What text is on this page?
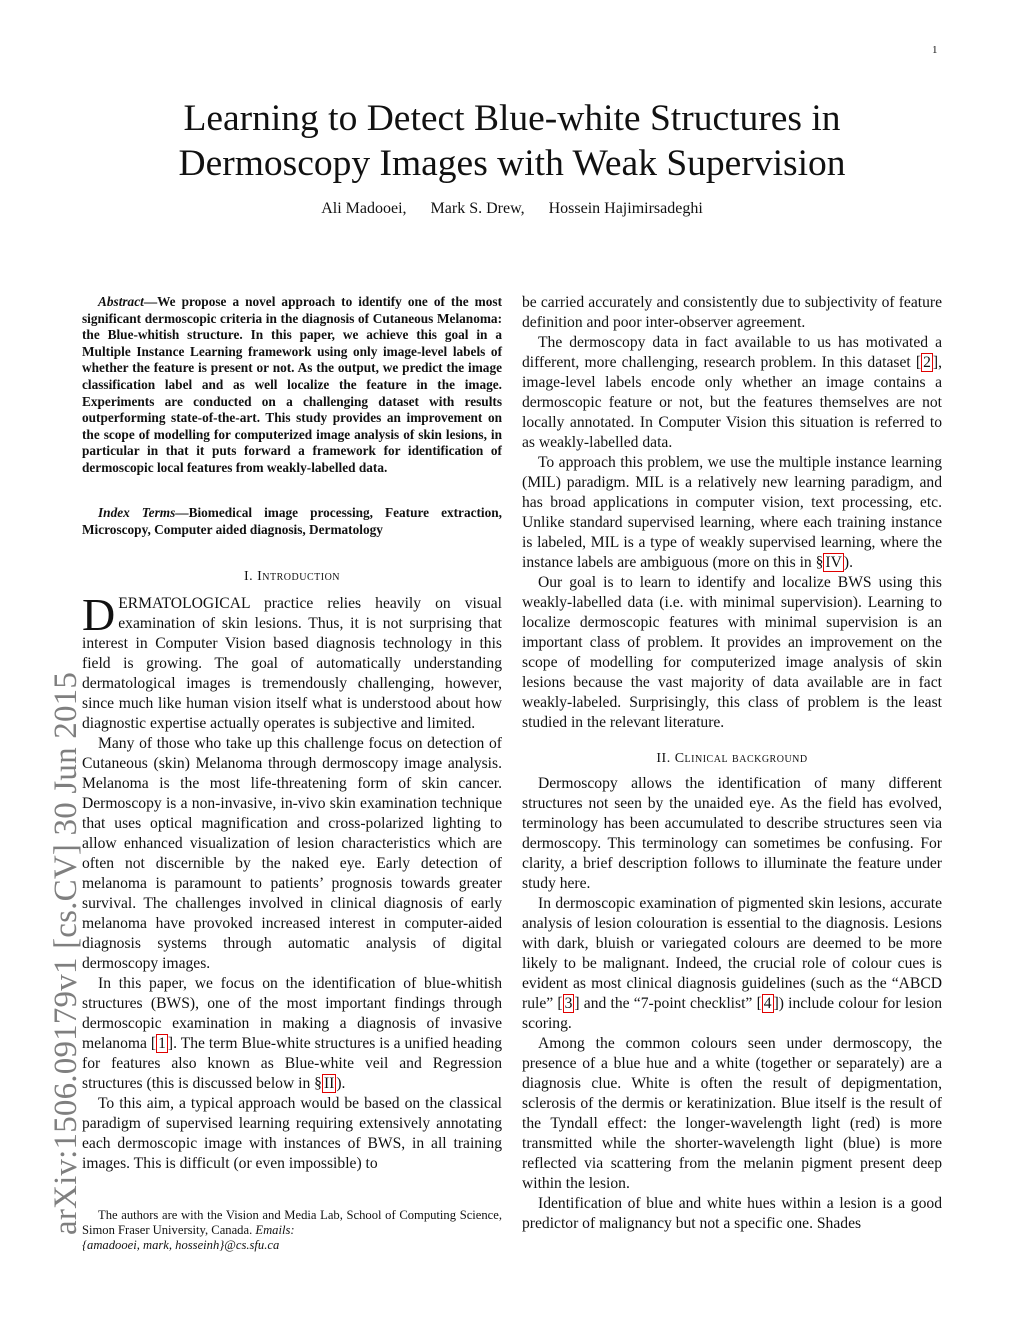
1
arXiv:1506.09179v1 [cs.CV] 30 Jun 2015
Learning to Detect Blue-white Structures in
Dermoscopy Images with Weak Supervision
Ali Madooei, Mark S. Drew, Hossein Hajimirsadeghi
Abstract—We propose a novel approach to identify one of the most significant dermoscopic criteria in the diagnosis of Cutaneous Melanoma: the Blue-whitish structure. In this paper, we achieve this goal in a Multiple Instance Learning framework using only image-level labels of whether the feature is present or not. As the output, we predict the image classification label and as well localize the feature in the image. Experiments are conducted on a challenging dataset with results outperforming state-of-the-art. This study provides an improvement on the scope of modelling for computerized image analysis of skin lesions, in particular in that it puts forward a framework for identification of dermoscopic local features from weakly-labelled data.
Index Terms—Biomedical image processing, Feature extraction, Microscopy, Computer aided diagnosis, Dermatology
I. Introduction

DERMATOLOGICAL practice relies heavily on visual examination of skin lesions. Thus, it is not surprising that interest in Computer Vision based diagnosis technology in this field is growing. The goal of automatically understanding dermatological images is tremendously challenging, however, since much like human vision itself what is understood about how diagnostic expertise actually operates is subjective and limited.

Many of those who take up this challenge focus on detection of Cutaneous (skin) Melanoma through dermoscopy image analysis. Melanoma is the most life-threatening form of skin cancer. Dermoscopy is a non-invasive, in-vivo skin examination technique that uses optical magnification and cross-polarized lighting to allow enhanced visualization of lesion characteristics which are often not discernible by the naked eye. Early detection of melanoma is paramount to patients’ prognosis towards greater survival. The challenges involved in clinical diagnosis of early melanoma have provoked increased interest in computer-aided diagnosis systems through automatic analysis of digital dermoscopy images.

In this paper, we focus on the identification of blue-whitish structures (BWS), one of the most important findings through dermoscopic examination in making a diagnosis of invasive melanoma [ 1 ]. The term Blue-white structures is a unified heading for features also known as Blue-white veil and Regression structures (this is discussed below in § II ).

To this aim, a typical approach would be based on the classical paradigm of supervised learning requiring extensively annotating each dermoscopic image with instances of BWS, in all training images. This is difficult (or even impossible) to

The authors are with the Vision and Media Lab, School of Computing Science, Simon Fraser University, Canada. Emails:
{amadooei, mark, hosseinh}@cs.sfu.ca

be carried accurately and consistently due to subjectivity of feature definition and poor inter-observer agreement.

The dermoscopy data in fact available to us has motivated a different, more challenging, research problem. In this dataset [ 2 ], image-level labels encode only whether an image contains a dermoscopic feature or not, but the features themselves are not locally annotated. In Computer Vision this situation is referred to as weakly-labelled data.

To approach this problem, we use the multiple instance learning (MIL) paradigm. MIL is a relatively new learning paradigm, and has broad applications in computer vision, text processing, etc. Unlike standard supervised learning, where each training instance is labeled, MIL is a type of weakly supervised learning, where the instance labels are ambiguous (more on this in § IV ).

Our goal is to learn to identify and localize BWS using this weakly-labelled data (i.e. with minimal supervision). Learning to localize dermoscopic features with minimal supervision is an important class of problem. It provides an improvement on the scope of modelling for computerized image analysis of skin lesions because the vast majority of data available are in fact weakly-labeled. Surprisingly, this class of problem is the least studied in the relevant literature.

II. Clinical background

Dermoscopy allows the identification of many different structures not seen by the unaided eye. As the field has evolved, terminology has been accumulated to describe structures seen via dermoscopy. This terminology can sometimes be confusing. For clarity, a brief description follows to illuminate the feature under study here.

In dermoscopic examination of pigmented skin lesions, accurate analysis of lesion colouration is essential to the diagnosis. Lesions with dark, bluish or variegated colours are deemed to be more likely to be malignant. Indeed, the crucial role of colour cues is evident as most clinical diagnosis guidelines (such as the “ABCD rule” [ 3 ] and the “7-point checklist” [ 4 ]) include colour for lesion scoring.

Among the common colours seen under dermoscopy, the presence of a blue hue and a white (together or separately) are a diagnosis clue. White is often the result of depigmentation, sclerosis of the dermis or keratinization. Blue itself is the result of the Tyndall effect: the longer-wavelength light (red) is more transmitted while the shorter-wavelength light (blue) is more reflected via scattering from the melanin pigment present deep within the lesion.

Identification of blue and white hues within a lesion is a good predictor of malignancy but not a specific one. Shades
